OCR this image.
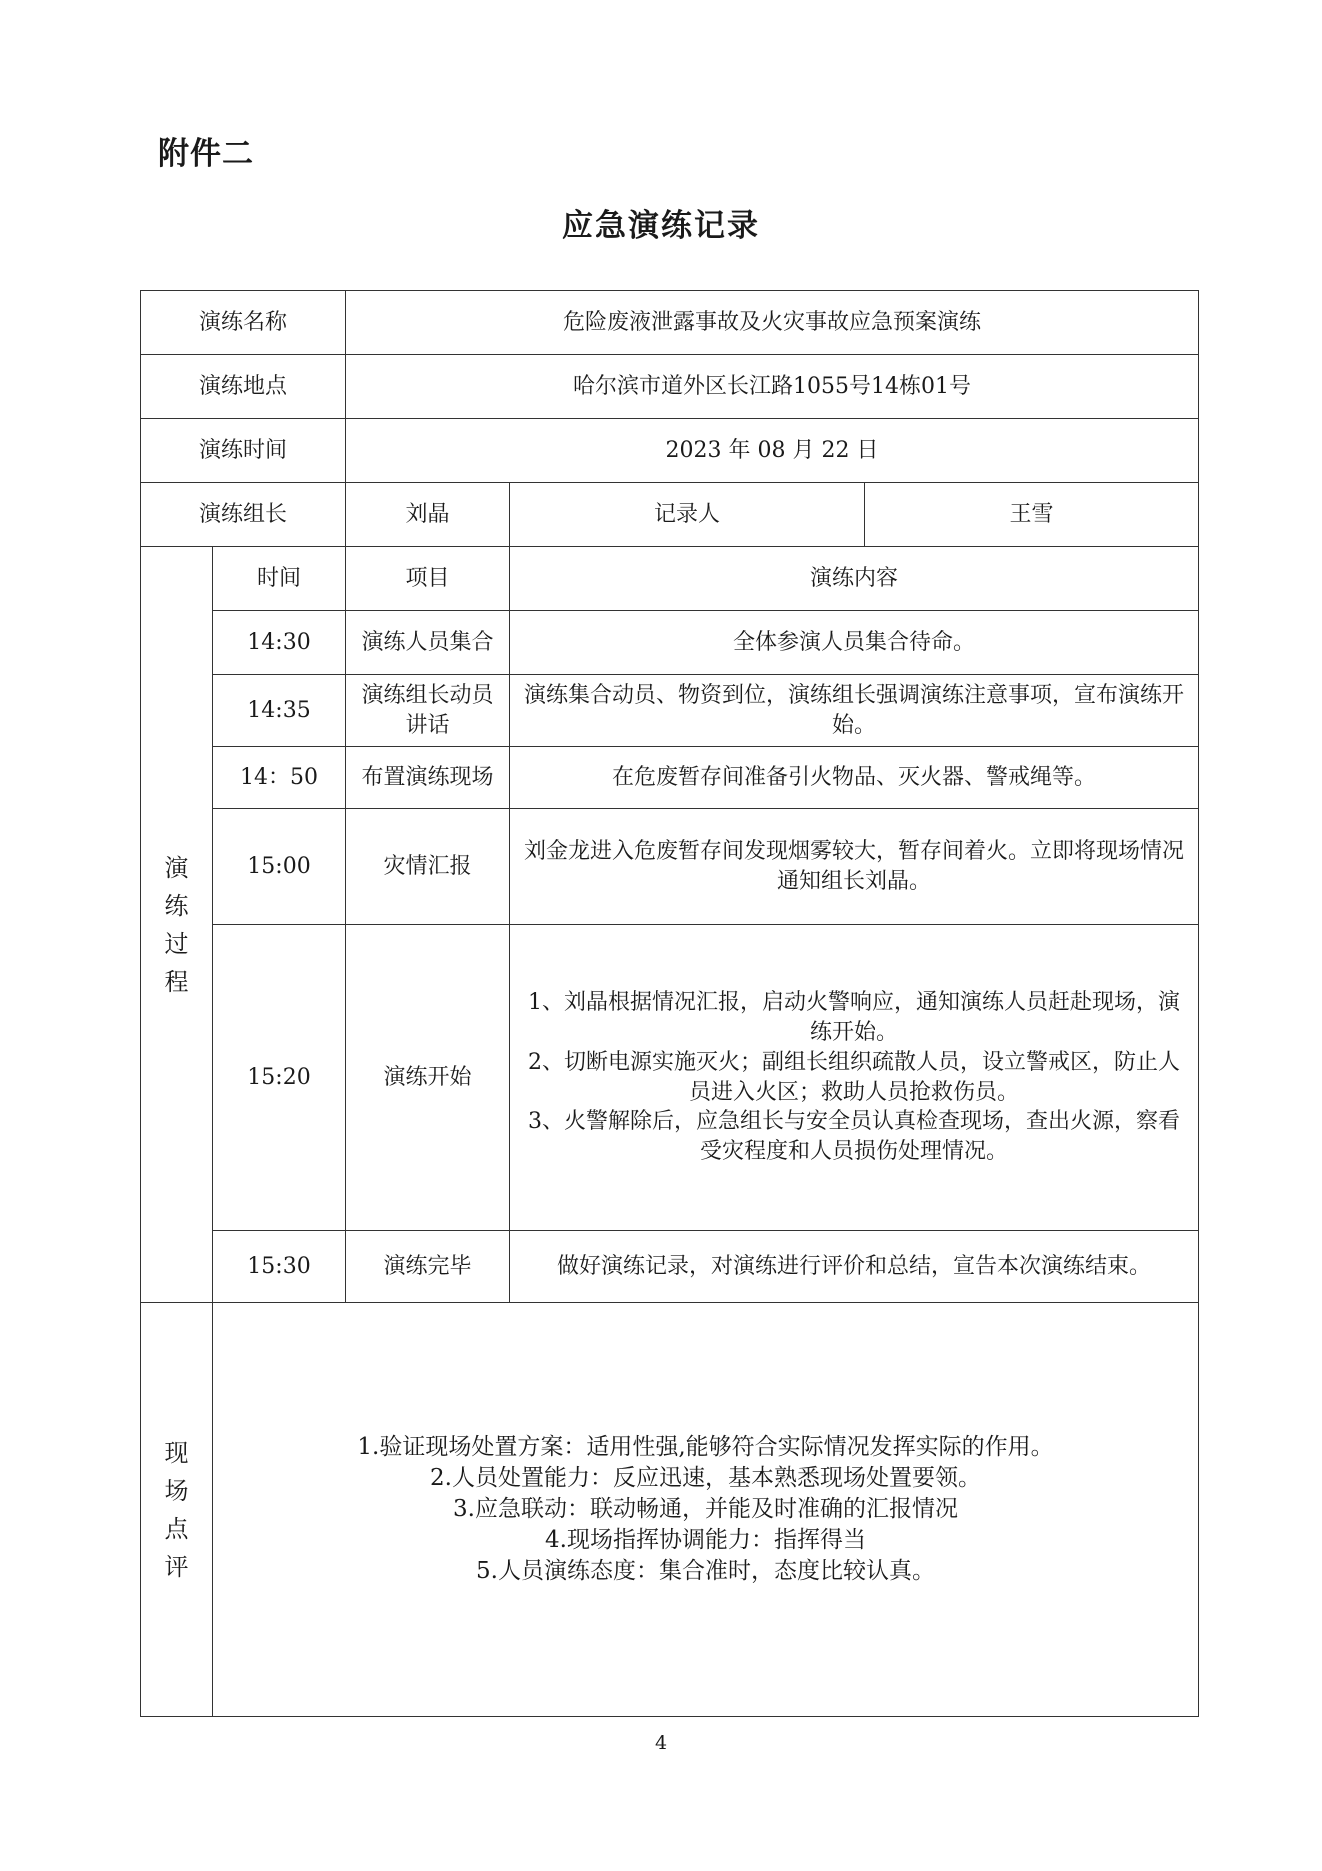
附件二
应急演练记录
演练名称		危险废液泄露事故及火灾事故应急预案演练		
演练地点		哈尔滨市道外区长江路1055号14栋01号		
演练时间		2023 年 08 月 22 日		
演练组长		刘晶	记录人	王雪

演
练
过
程	时间	项目	演练内容	
	14:30	演练人员集合	全体参演人员集合待命。	
	14:35	演练组长动员讲话	演练集合动员、物资到位，演练组长强调演练注意事项，宣布演练开始。	
	14：50	布置演练现场	在危废暂存间准备引火物品、灭火器、警戒绳等。	
	15:00	灾情汇报	刘金龙进入危废暂存间发现烟雾较大，暂存间着火。立即将现场情况通知组长刘晶。	
	15:20	演练开始	1、刘晶根据情况汇报，启动火警响应，通知演练人员赶赴现场，演练开始。
2、切断电源实施灭火；副组长组织疏散人员，设立警戒区，防止人员进入火区；救助人员抢救伤员。
3、火警解除后，应急组长与安全员认真检查现场，查出火源，察看受灾程度和人员损伤处理情况。	

	15:30	演练完毕	做好演练记录，对演练进行评价和总结，宣告本次演练结束。	

现
场
点
评	1.验证现场处置方案：适用性强,能够符合实际情况发挥实际的作用。
2.人员处置能力：反应迅速，基本熟悉现场处置要领。
3.应急联动：联动畅通，并能及时准确的汇报情况
4.现场指挥协调能力：指挥得当
5.人员演练态度：集合准时，态度比较认真。			
4
